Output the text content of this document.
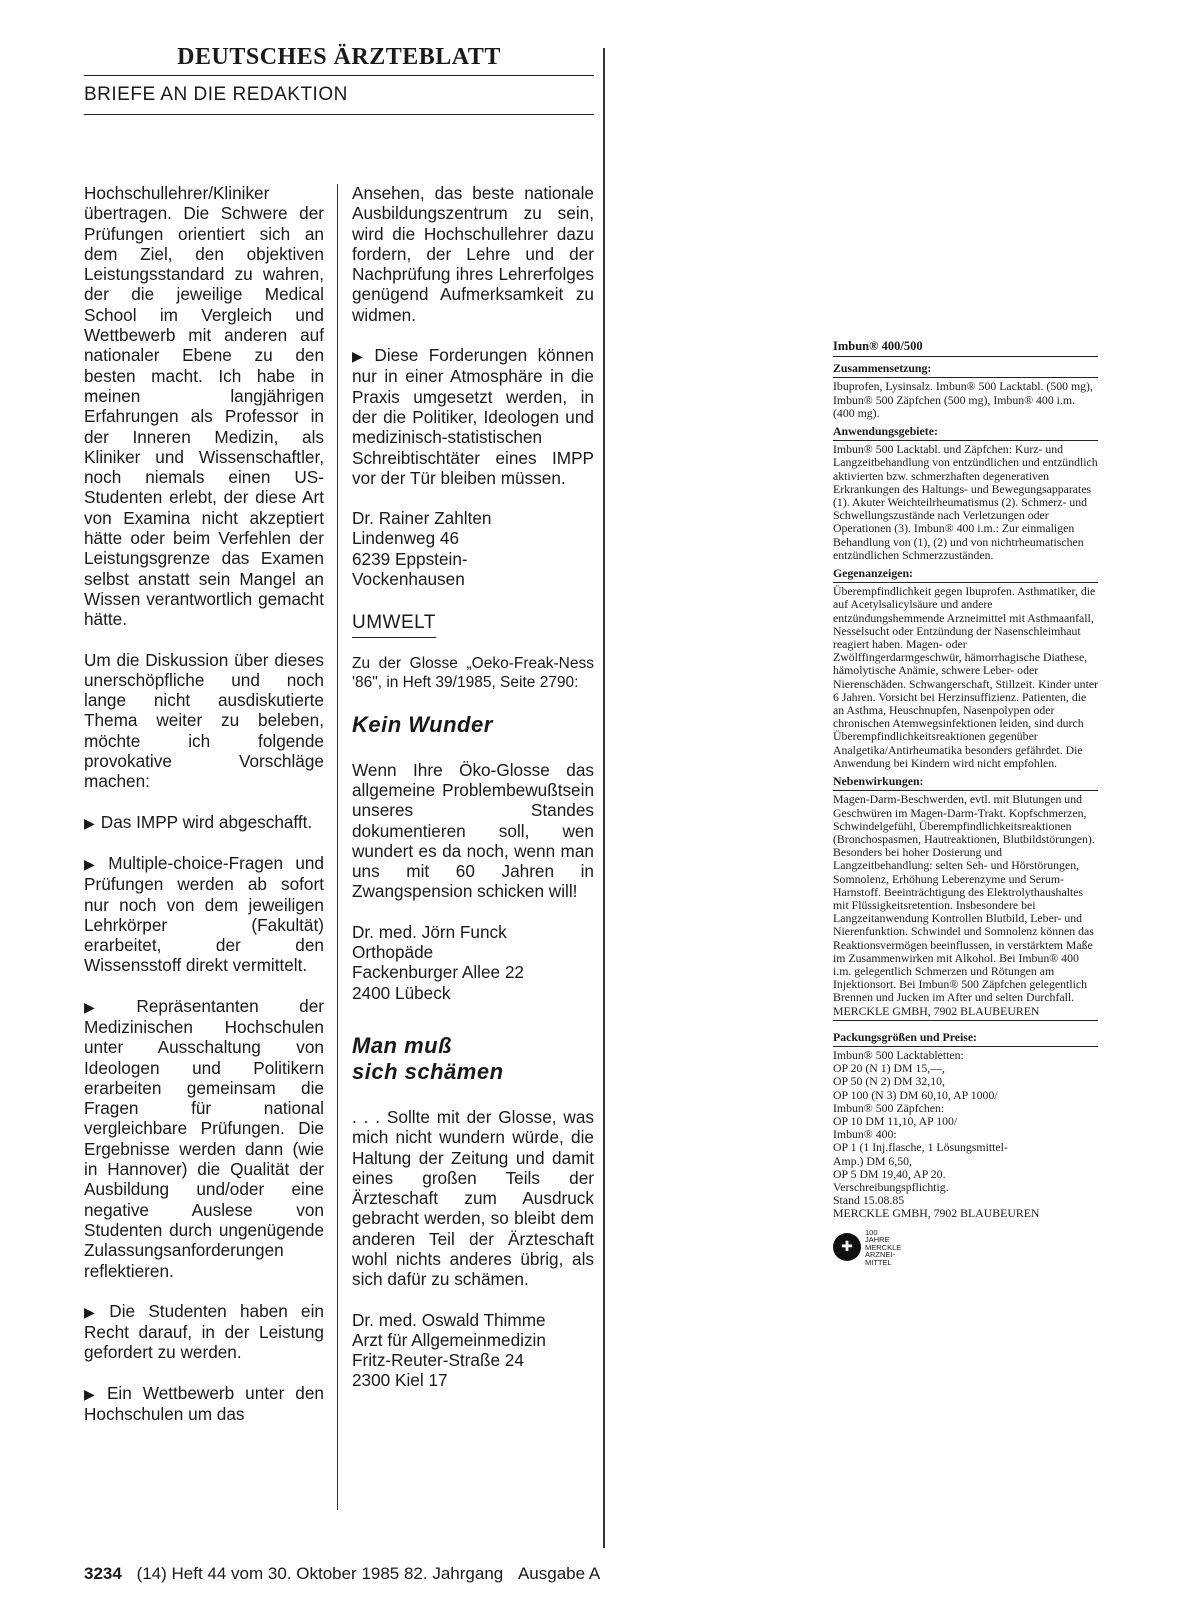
DEUTSCHES ÄRZTEBLATT
BRIEFE AN DIE REDAKTION

Hochschullehrer/Kliniker übertragen. Die Schwere der Prüfungen orientiert sich an dem Ziel, den objektiven Leistungsstandard zu wahren, der die jeweilige Medical School im Vergleich und Wettbewerb mit anderen auf nationaler Ebene zu den besten macht. Ich habe in meinen langjährigen Erfahrungen als Professor in der Inneren Medizin, als Kliniker und Wissenschaftler, noch niemals einen US-Studenten erlebt, der diese Art von Examina nicht akzeptiert hätte oder beim Verfehlen der Leistungsgrenze das Examen selbst anstatt sein Mangel an Wissen verantwortlich gemacht hätte.

Um die Diskussion über dieses unerschöpfliche und noch lange nicht ausdiskutierte Thema weiter zu beleben, möchte ich folgende provokative Vorschläge machen:

▶ Das IMPP wird abgeschafft.

▶ Multiple-choice-Fragen und Prüfungen werden ab sofort nur noch von dem jeweiligen Lehrkörper (Fakultät) erarbeitet, der den Wissensstoff direkt vermittelt.

▶ Repräsentanten der Medizinischen Hochschulen unter Ausschaltung von Ideologen und Politikern erarbeiten gemeinsam die Fragen für national vergleichbare Prüfungen. Die Ergebnisse werden dann (wie in Hannover) die Qualität der Ausbildung und/oder eine negative Auslese von Studenten durch ungenügende Zulassungsanforderungen reflektieren.

▶ Die Studenten haben ein Recht darauf, in der Leistung gefordert zu werden.

▶ Ein Wettbewerb unter den Hochschulen um das

Ansehen, das beste nationale Ausbildungszentrum zu sein, wird die Hochschullehrer dazu fordern, der Lehre und der Nachprüfung ihres Lehrerfolges genügend Aufmerksamkeit zu widmen.

▶ Diese Forderungen können nur in einer Atmosphäre in die Praxis umgesetzt werden, in der die Politiker, Ideologen und medizinisch-statistischen Schreibtischtäter eines IMPP vor der Tür bleiben müssen.

Dr. Rainer Zahlten
Lindenweg 46
6239 Eppstein-
Vockenhausen

UMWELT

Zu der Glosse „Oeko-Freak-Ness '86", in Heft 39/1985, Seite 2790:

Kein Wunder

Wenn Ihre Öko-Glosse das allgemeine Problembewußtsein unseres Standes dokumentieren soll, wen wundert es da noch, wenn man uns mit 60 Jahren in Zwangspension schicken will!

Dr. med. Jörn Funck
Orthopäde
Fackenburger Allee 22
2400 Lübeck

Man muß
sich schämen

. . . Sollte mit der Glosse, was mich nicht wundern würde, die Haltung der Zeitung und damit eines großen Teils der Ärzteschaft zum Ausdruck gebracht werden, so bleibt dem anderen Teil der Ärzteschaft wohl nichts anderes übrig, als sich dafür zu schämen.

Dr. med. Oswald Thimme
Arzt für Allgemeinmedizin
Fritz-Reuter-Straße 24
2300 Kiel 17

Imbun® 400/500
Zusammensetzung:

Ibuprofen, Lysinsalz. Imbun® 500 Lacktabl. (500 mg), Imbun® 500 Zäpfchen (500 mg), Imbun® 400 i.m. (400 mg).

Anwendungsgebiete:

Imbun® 500 Lacktabl. und Zäpfchen: Kurz- und Langzeitbehandlung von entzündlichen und entzündlich aktivierten bzw. schmerzhaften degenerativen Erkrankungen des Haltungs- und Bewegungsapparates (1). Akuter Weichteilrheumatismus (2). Schmerz- und Schwellungszustände nach Verletzungen oder Operationen (3). Imbun® 400 i.m.: Zur einmaligen Behandlung von (1), (2) und von nichtrheumatischen entzündlichen Schmerzzuständen.

Gegenanzeigen:

Überempfindlichkeit gegen Ibuprofen. Asthmatiker, die auf Acetylsalicylsäure und andere entzündungshemmende Arzneimittel mit Asthmaanfall, Nesselsucht oder Entzündung der Nasenschleimhaut reagiert haben. Magen- oder Zwölffingerdarmgeschwür, hämorrhagische Diathese, hämolytische Anämie, schwere Leber- oder Nierenschäden. Schwangerschaft, Stillzeit. Kinder unter 6 Jahren. Vorsicht bei Herzinsuffizienz. Patienten, die an Asthma, Heuschnupfen, Nasenpolypen oder chronischen Atemwegsinfektionen leiden, sind durch Überempfindlichkeitsreaktionen gegenüber Analgetika/Antirheumatika besonders gefährdet. Die Anwendung bei Kindern wird nicht empfohlen.

Nebenwirkungen:

Magen-Darm-Beschwerden, evtl. mit Blutungen und Geschwüren im Magen-Darm-Trakt. Kopfschmerzen, Schwindelgefühl, Überempfindlichkeitsreaktionen (Bronchospasmen, Hautreaktionen, Blutbildstörungen). Besonders bei hoher Dosierung und Langzeitbehandlung: selten Seh- und Hörstörungen, Somnolenz, Erhöhung Leberenzyme und Serum-Harnstoff. Beeinträchtigung des Elektrolythaushaltes mit Flüssigkeitsretention. Insbesondere bei Langzeitanwendung Kontrollen Blutbild, Leber- und Nierenfunktion. Schwindel und Somnolenz können das Reaktionsvermögen beeinflussen, in verstärktem Maße im Zusammenwirken mit Alkohol. Bei Imbun® 400 i.m. gelegentlich Schmerzen und Rötungen am Injektionsort. Bei Imbun® 500 Zäpfchen gelegentlich Brennen und Jucken im After und selten Durchfall.

MERCKLE GMBH, 7902 BLAUBEUREN

Packungsgrößen und Preise:
Imbun® 500 Lacktabletten:
OP 20 (N 1) DM 15,—,
OP 50 (N 2) DM 32,10,
OP 100 (N 3) DM 60,10, AP 1000/
Imbun® 500 Zäpfchen:
OP 10 DM 11,10, AP 100/
Imbun® 400:
OP 1 (1 Inj.flasche, 1 Lösungsmittel-
Amp.) DM 6,50,
OP 5 DM 19,40, AP 20.
Verschreibungspflichtig.
Stand 15.08.85
MERCKLE GMBH, 7902 BLAUBEUREN
✚
100
JAHRE
MERCKLE
ARZNEI-
MITTEL
3234 (14) Heft 44 vom 30. Oktober 1985 82. Jahrgang Ausgabe A
